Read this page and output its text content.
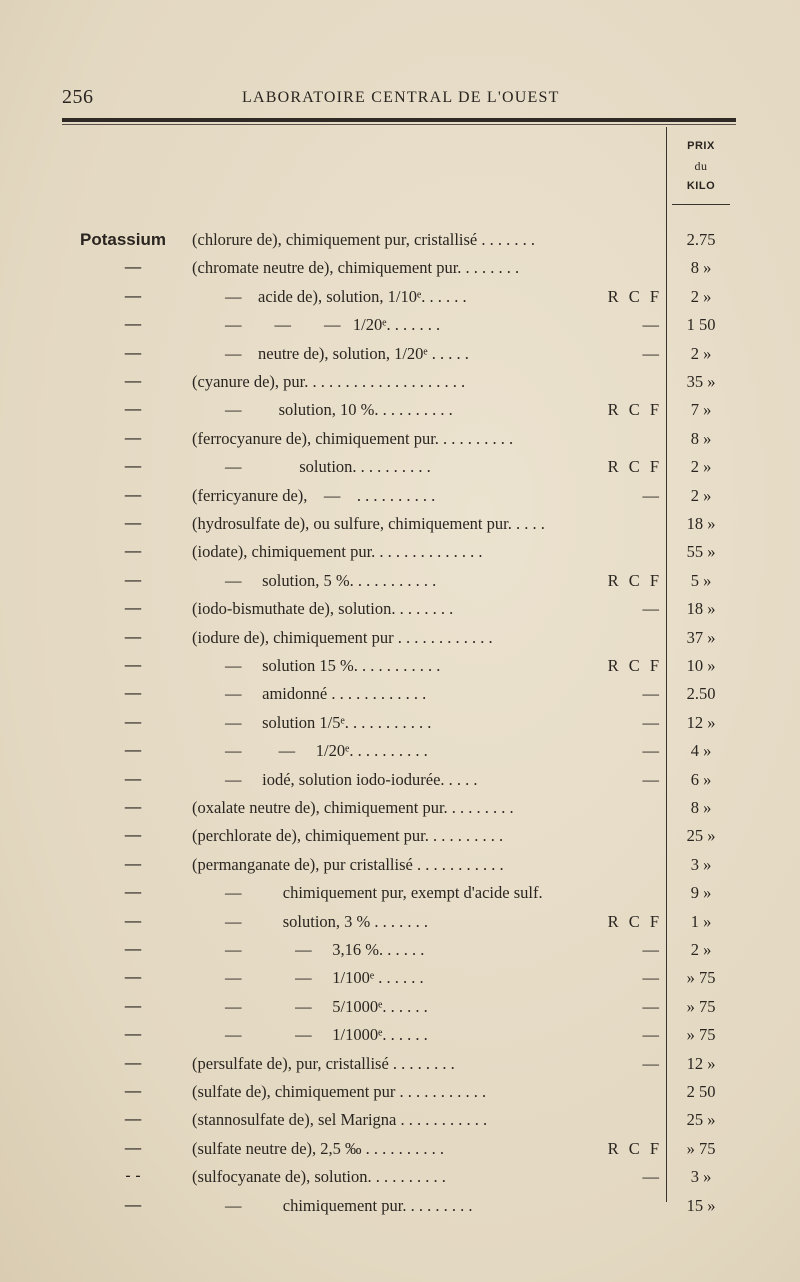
256	LABORATOIRE CENTRAL DE L'OUEST
PRIX
du
KILO
Potassium	(chlorure de), chimiquement pur, cristallisé . . . . . . .	2.75
—	(chromate neutre de), chimiquement pur. . . . . . . .	8 »
—	—    acide de), solution, 1/10ᵉ. . . . . .	R C F	2 »
—	—        —        —   1/20ᵉ. . . . . . .	—	1 50
—	—    neutre de), solution, 1/20ᵉ . . . . .	—	2 »
—	(cyanure de), pur. . . . . . . . . . . . . . . . . . . .	35 »
—	—         solution, 10 %. . . . . . . . . .	R C F	7 »
—	(ferrocyanure de), chimiquement pur. . . . . . . . . .	8 »
—	—              solution. . . . . . . . . .	R C F	2 »
—	(ferricyanure de),    —    . . . . . . . . . .	—	2 »
—	(hydrosulfate de), ou sulfure, chimiquement pur. . . . .	18 »
—	(iodate), chimiquement pur. . . . . . . . . . . . . .	55 »
—	—     solution, 5 %. . . . . . . . . . .	R C F	5 »
—	(iodo-bismuthate de), solution. . . . . . . .	—	18 »
—	(iodure de), chimiquement pur . . . . . . . . . . . .	37 »
—	—     solution 15 %. . . . . . . . . . .	R C F	10 »
—	—     amidonné . . . . . . . . . . . .	—	2.50
—	—     solution 1/5ᵉ. . . . . . . . . . .	—	12 »
—	—         —     1/20ᵉ. . . . . . . . . .	—	4 »
—	—     iodé, solution iodo-iodurée. . . . .	—	6 »
—	(oxalate neutre de), chimiquement pur. . . . . . . . .	8 »
—	(perchlorate de), chimiquement pur. . . . . . . . . .	25 »
—	(permanganate de), pur cristallisé . . . . . . . . . . .	3 »
—	—          chimiquement pur, exempt d'acide sulf.	9 »
—	—          solution, 3 % . . . . . . .	R C F	1 »
—	—             —     3,16 %. . . . . .	—	2 »
—	—             —     1/100ᵉ . . . . . .	—	» 75
—	—             —     5/1000ᵉ. . . . . .	—	» 75
—	—             —     1/1000ᵉ. . . . . .	—	» 75
—	(persulfate de), pur, cristallisé . . . . . . . .	—	12 »
—	(sulfate de), chimiquement pur . . . . . . . . . . .	2 50
—	(stannosulfate de), sel Marigna . . . . . . . . . . .	25 »
—	(sulfate neutre de), 2,5 ‰ . . . . . . . . . .	R C F	» 75
- -	(sulfocyanate de), solution. . . . . . . . . .	—	3 »
—	—          chimiquement pur. . . . . . . . .	15 »
